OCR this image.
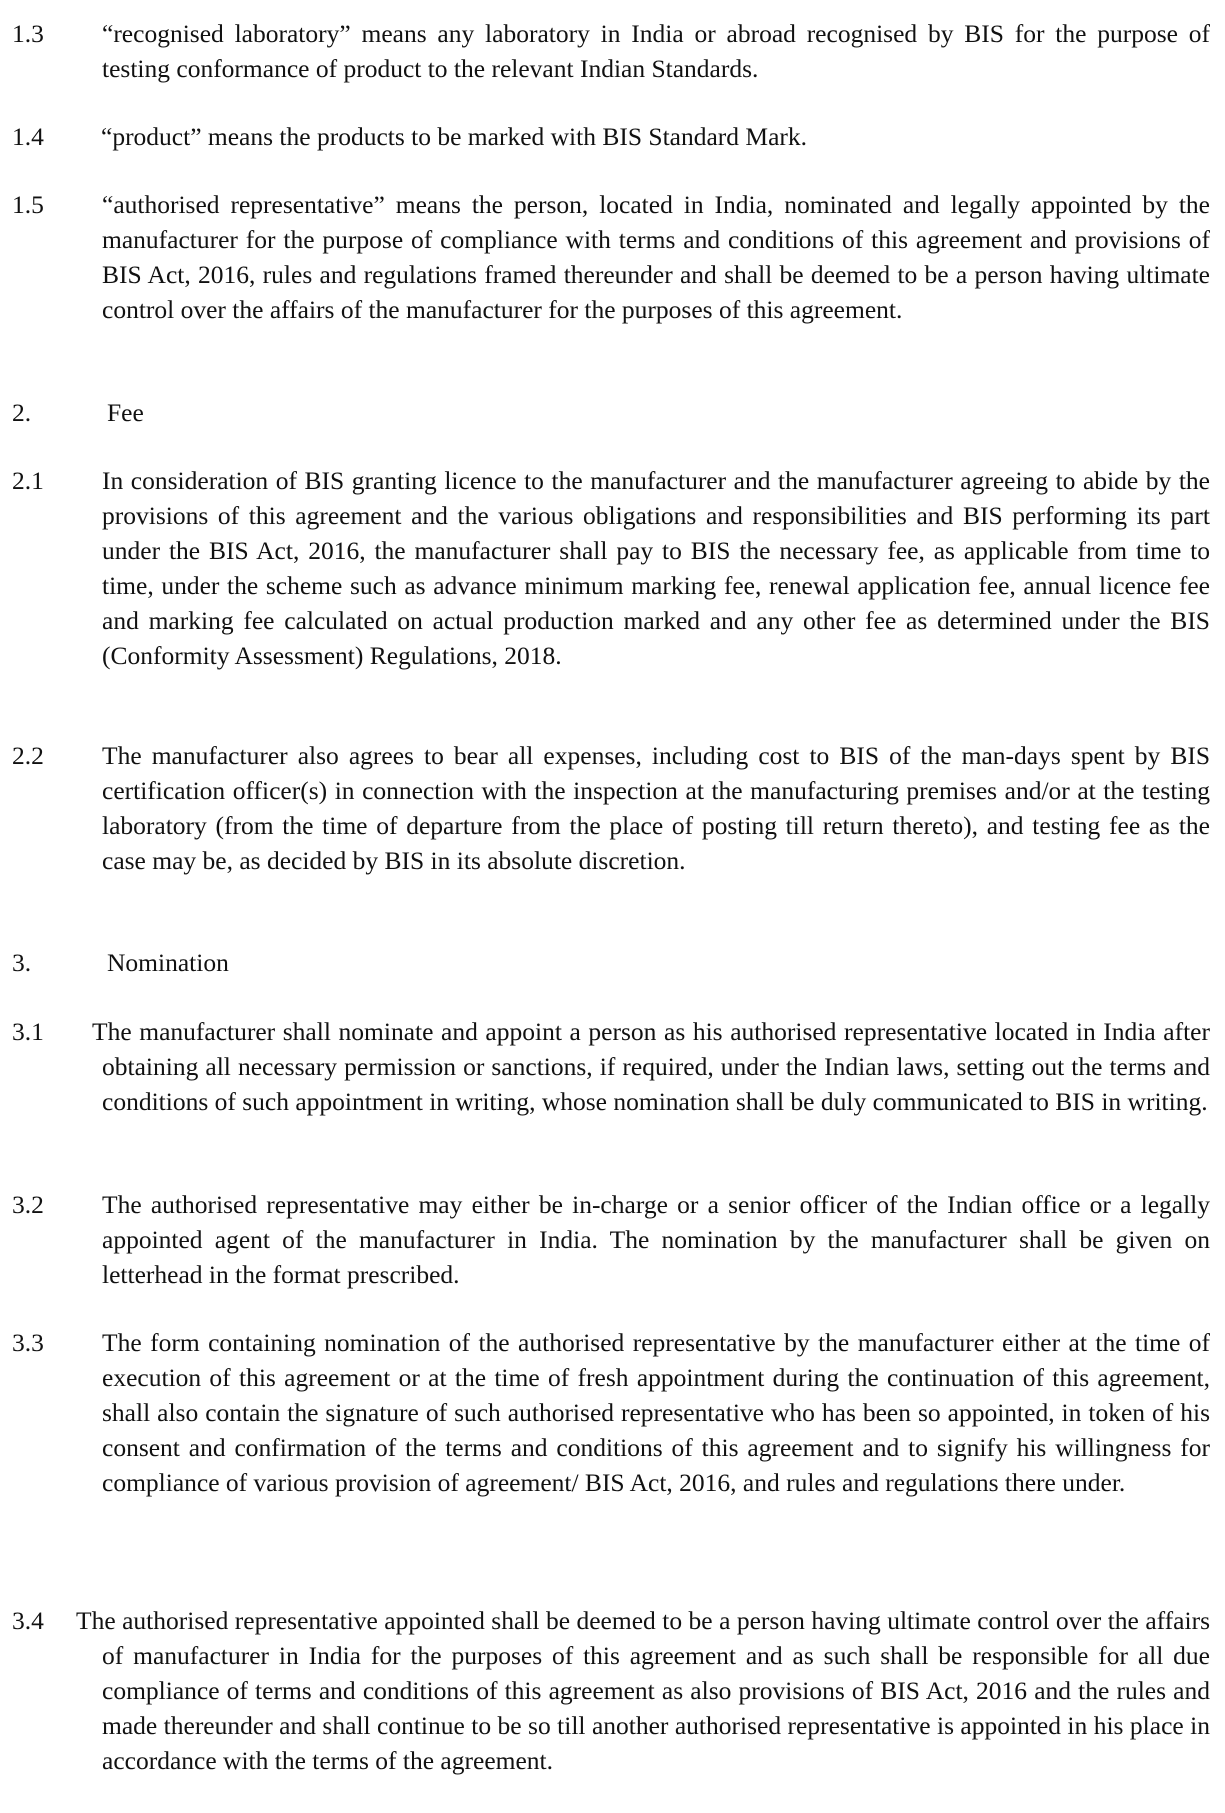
1.3 “recognised laboratory” means any laboratory in India or abroad recognised by BIS for the purpose of testing conformance of product to the relevant Indian Standards.
1.4 “product” means the products to be marked with BIS Standard Mark.
1.5 “authorised representative” means the person, located in India, nominated and legally appointed by the manufacturer for the purpose of compliance with terms and conditions of this agreement and provisions of BIS Act, 2016, rules and regulations framed thereunder and shall be deemed to be a person having ultimate control over the affairs of the manufacturer for the purposes of this agreement.
2.	Fee
2.1 In consideration of BIS granting licence to the manufacturer and the manufacturer agreeing to abide by the provisions of this agreement and the various obligations and responsibilities and BIS performing its part under the BIS Act, 2016, the manufacturer shall pay to BIS the necessary fee, as applicable from time to time, under the scheme such as advance minimum marking fee, renewal application fee, annual licence fee and marking fee calculated on actual production marked and any other fee as determined under the BIS (Conformity Assessment) Regulations, 2018.
2.2 The manufacturer also agrees to bear all expenses, including cost to BIS of the man-days spent by BIS certification officer(s) in connection with the inspection at the manufacturing premises and/or at the testing laboratory (from the time of departure from the place of posting till return thereto), and testing fee as the case may be, as decided by BIS in its absolute discretion.
3.	Nomination
3.1 The manufacturer shall nominate and appoint a person as his authorised representative located in India after obtaining all necessary permission or sanctions, if required, under the Indian laws, setting out the terms and conditions of such appointment in writing, whose nomination shall be duly communicated to BIS in writing.
3.2 The authorised representative may either be in-charge or a senior officer of the Indian office or a legally appointed agent of the manufacturer in India. The nomination by the manufacturer shall be given on letterhead in the format prescribed.
3.3 The form containing nomination of the authorised representative by the manufacturer either at the time of execution of this agreement or at the time of fresh appointment during the continuation of this agreement, shall also contain the signature of such authorised representative who has been so appointed, in token of his consent and confirmation of the terms and conditions of this agreement and to signify his willingness for compliance of various provision of agreement/ BIS Act, 2016, and rules and regulations there under.
3.4 The authorised representative appointed shall be deemed to be a person having ultimate control over the affairs of manufacturer in India for the purposes of this agreement and as such shall be responsible for all due compliance of terms and conditions of this agreement as also provisions of BIS Act, 2016 and the rules and made thereunder and shall continue to be so till another authorised representative is appointed in his place in accordance with the terms of the agreement.
